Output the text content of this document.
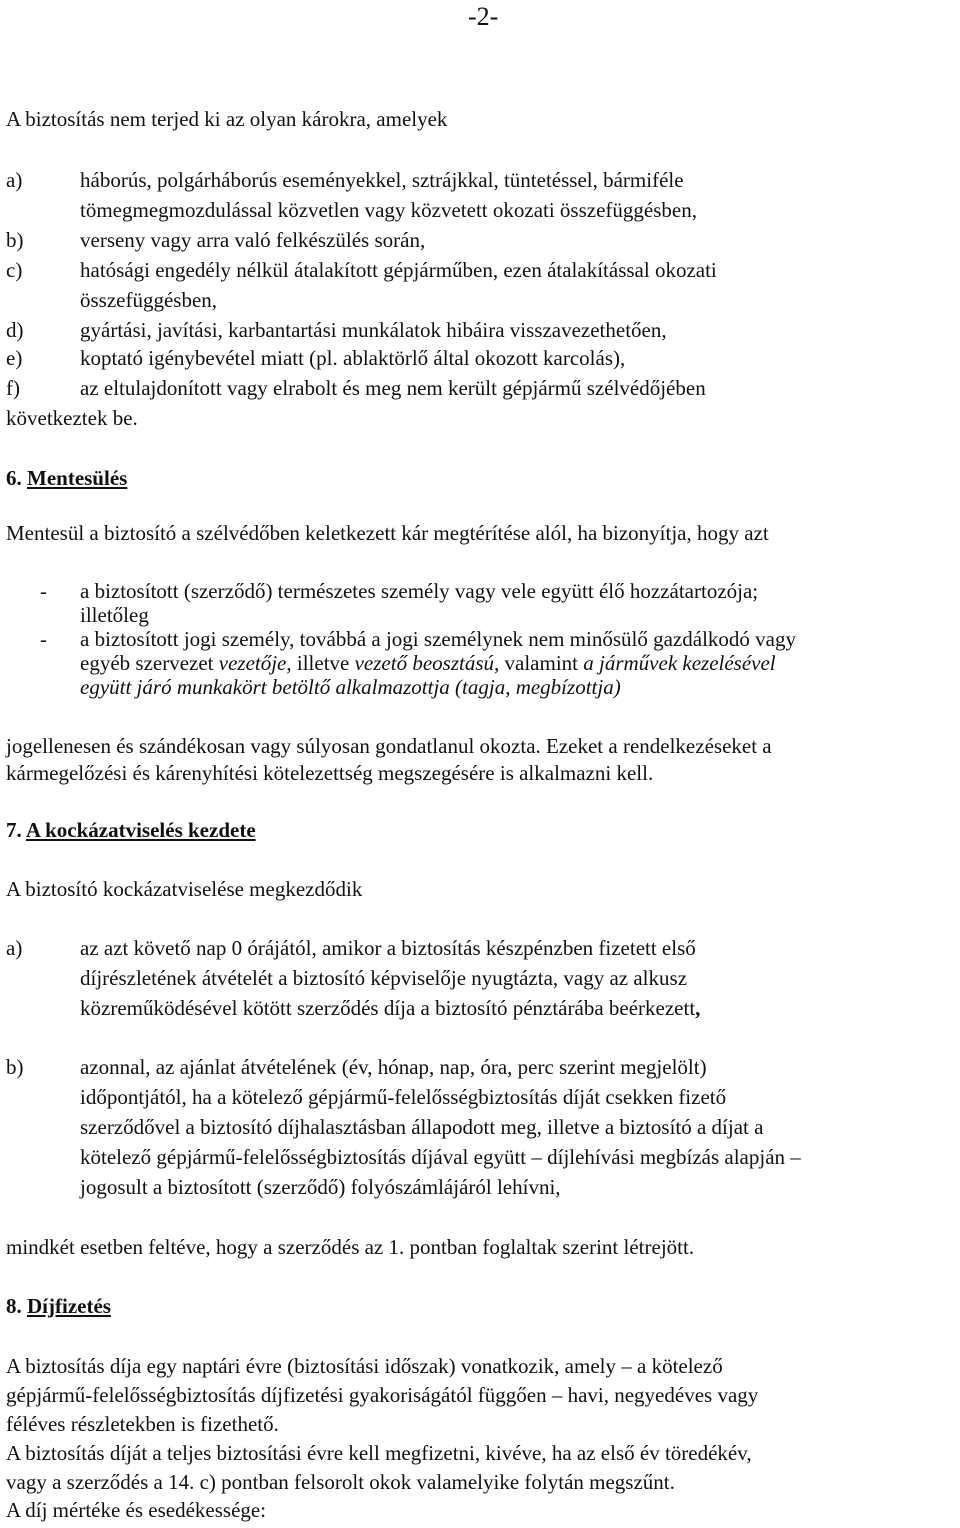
-2-
A biztosítás nem terjed ki az olyan károkra, amelyek
a)	háborús, polgárháborús eseményekkel, sztrájkkal, tüntetéssel, bármiféle
tömegmegmozdulással közvetlen vagy közvetett okozati összefüggésben,
b)	verseny vagy arra való felkészülés során,
c)	hatósági engedély nélkül átalakított gépjárműben, ezen átalakítással okozati
összefüggésben,
d)	gyártási, javítási, karbantartási munkálatok hibáira visszavezethetően,
e)	koptató igénybevétel miatt (pl. ablaktörlő által okozott karcolás),
f)	az eltulajdonított vagy elrabolt és meg nem került gépjármű szélvédőjében
következtek be.
6. Mentesülés
Mentesül a biztosító a szélvédőben keletkezett kár megtérítése alól, ha bizonyítja, hogy azt
- a biztosított (szerződő) természetes személy vagy vele együtt élő hozzátartozója;
illetőleg
- a biztosított jogi személy, továbbá a jogi személynek nem minősülő gazdálkodó vagy
egyéb szervezet vezetője, illetve vezető beosztású, valamint a járművek kezelésével
együtt járó munkakört betöltő alkalmazottja (tagja, megbízottja)
jogellenesen és szándékosan vagy súlyosan gondatlanul okozta. Ezeket a rendelkezéseket a
kármegelőzési és kárenyhítési kötelezettség megszegésére is alkalmazni kell.
7. A kockázatviselés kezdete
A biztosító kockázatviselése megkezdődik
a)	az azt követő nap 0 órájától, amikor a biztosítás készpénzben fizetett első
díjrészletének átvételét a biztosító képviselője nyugtázta, vagy az alkusz
közreműködésével kötött szerződés díja a biztosító pénztárába beérkezett,
b)	azonnal, az ajánlat átvételének (év, hónap, nap, óra, perc szerint megjelölt)
időpontjától, ha a kötelező gépjármű-felelősségbiztosítás díját csekken fizető
szerződővel a biztosító díjhalasztásban állapodott meg, illetve a biztosító a díjat a
kötelező gépjármű-felelősségbiztosítás díjával együtt – díjlehívási megbízás alapján –
jogosult a biztosított (szerződő) folyószámlájáról lehívni,
mindkét esetben feltéve, hogy a szerződés az 1. pontban foglaltak szerint létrejött.
8. Díjfizetés
A biztosítás díja egy naptári évre (biztosítási időszak) vonatkozik, amely – a kötelező
gépjármű-felelősségbiztosítás díjfizetési gyakoriságától függően – havi, negyedéves vagy
féléves részletekben is fizethető.
A biztosítás díját a teljes biztosítási évre kell megfizetni, kivéve, ha az első év töredékév,
vagy a szerződés a 14. c) pontban felsorolt okok valamelyike folytán megszűnt.
A díj mértéke és esedékessége:
